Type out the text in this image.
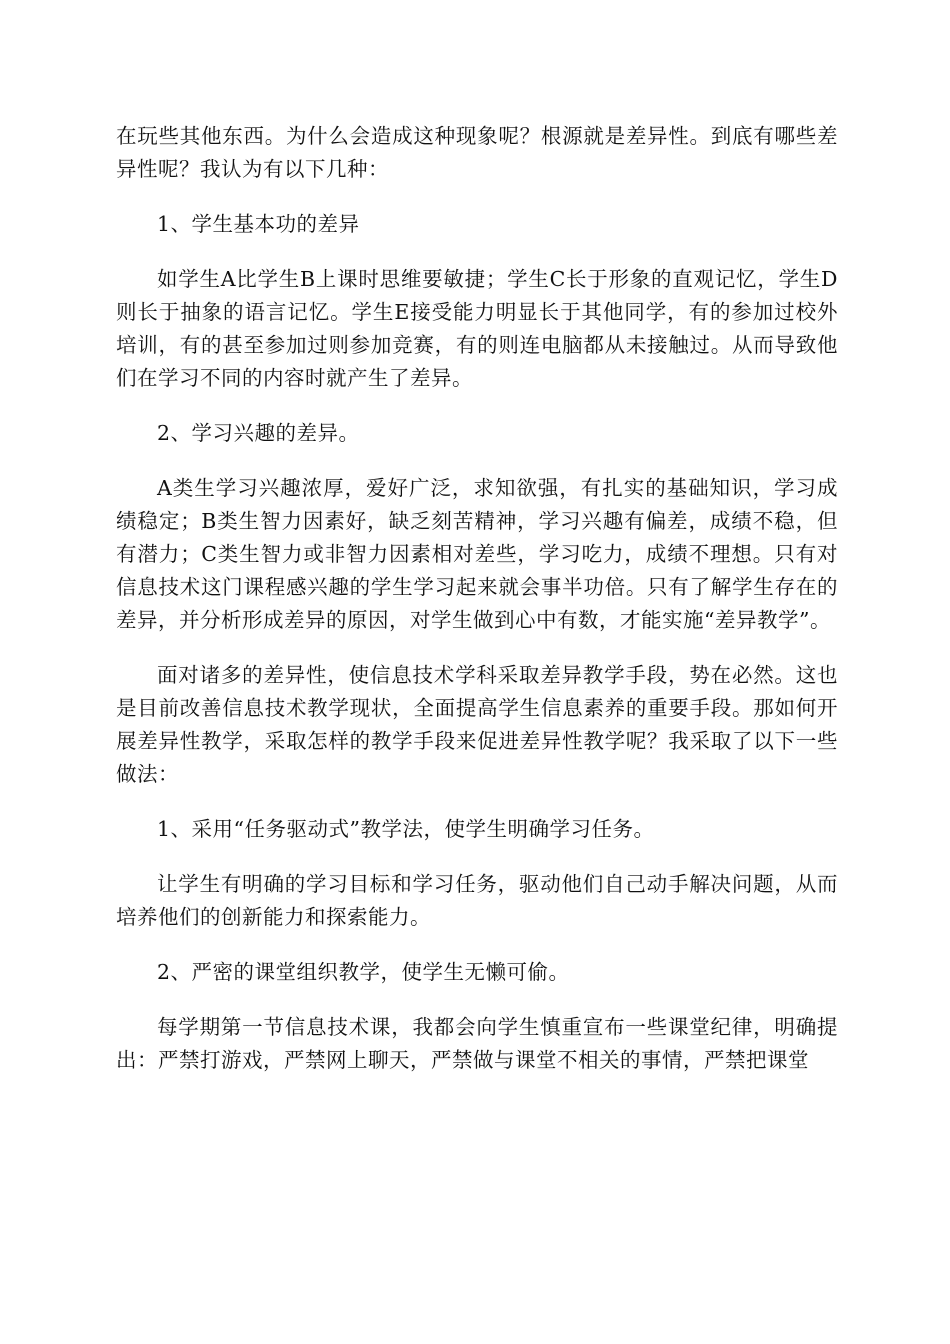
在玩些其他东西。为什么会造成这种现象呢？根源就是差异性。到底有哪些差异性呢？我认为有以下几种：

1、学生基本功的差异

如学生A比学生B上课时思维要敏捷；学生C长于形象的直观记忆，学生D则长于抽象的语言记忆。学生E接受能力明显长于其他同学，有的参加过校外培训，有的甚至参加过则参加竞赛，有的则连电脑都从未接触过。从而导致他们在学习不同的内容时就产生了差异。

2、学习兴趣的差异。

A类生学习兴趣浓厚，爱好广泛，求知欲强，有扎实的基础知识，学习成绩稳定；B类生智力因素好，缺乏刻苦精神，学习兴趣有偏差，成绩不稳，但有潜力；C类生智力或非智力因素相对差些，学习吃力，成绩不理想。只有对信息技术这门课程感兴趣的学生学习起来就会事半功倍。只有了解学生存在的差异，并分析形成差异的原因，对学生做到心中有数，才能实施“差异教学”。

面对诸多的差异性，使信息技术学科采取差异教学手段，势在必然。这也是目前改善信息技术教学现状，全面提高学生信息素养的重要手段。那如何开展差异性教学，采取怎样的教学手段来促进差异性教学呢？我采取了以下一些做法：

1、采用“任务驱动式”教学法，使学生明确学习任务。

让学生有明确的学习目标和学习任务，驱动他们自己动手解决问题，从而培养他们的创新能力和探索能力。

2、严密的课堂组织教学，使学生无懒可偷。

每学期第一节信息技术课，我都会向学生慎重宣布一些课堂纪律，明确提出：严禁打游戏，严禁网上聊天，严禁做与课堂不相关的事情，严禁把课堂
